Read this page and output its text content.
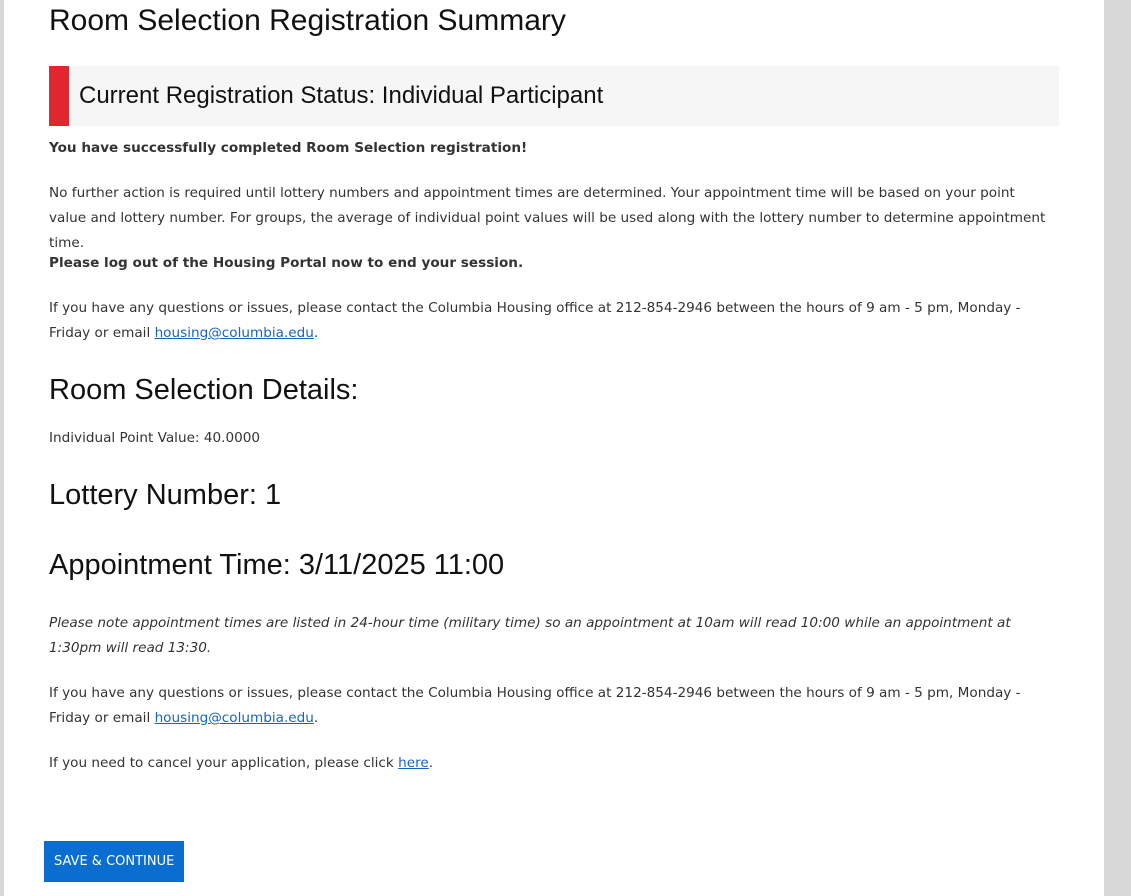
Room Selection Registration Summary
Current Registration Status: Individual Participant

You have successfully completed Room Selection registration!

No further action is required until lottery numbers and appointment times are determined. Your appointment time will be based on your point value and lottery number. For groups, the average of individual point values will be used along with the lottery number to determine appointment time.

Please log out of the Housing Portal now to end your session.

If you have any questions or issues, please contact the Columbia Housing office at 212-854-2946 between the hours of 9 am - 5 pm, Monday - Friday or email housing@columbia.edu.

Room Selection Details:

Individual Point Value: 40.0000

Lottery Number: 1
Appointment Time: 3/11/2025 11:00

Please note appointment times are listed in 24-hour time (military time) so an appointment at 10am will read 10:00 while an appointment at 1:30pm will read 13:30.

If you have any questions or issues, please contact the Columbia Housing office at 212-854-2946 between the hours of 9 am - 5 pm, Monday - Friday or email housing@columbia.edu.

If you need to cancel your application, please click here.

SAVE & CONTINUE
